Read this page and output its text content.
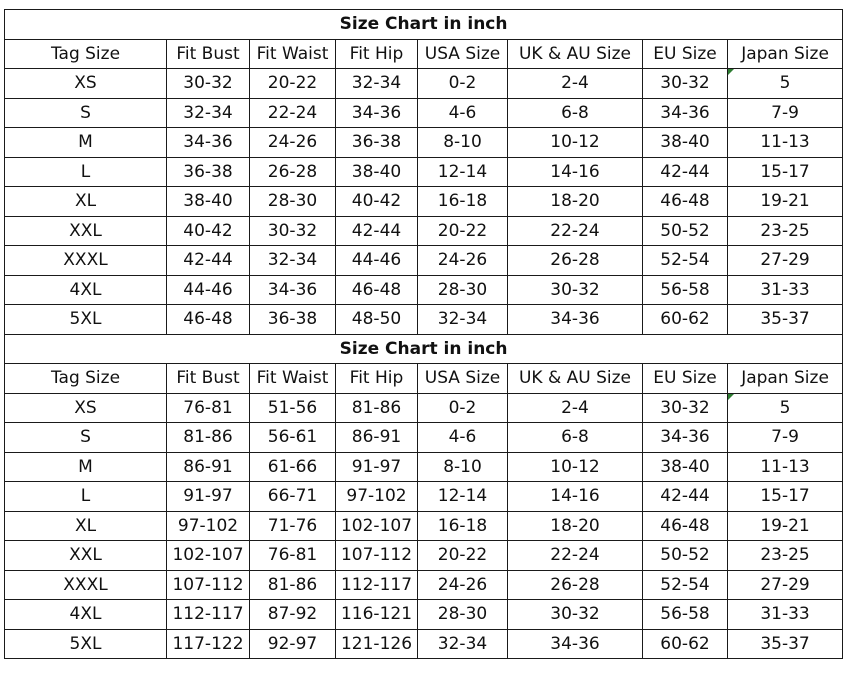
Size Chart in inch							
Tag Size	Fit Bust	Fit Waist	Fit Hip	USA Size	UK & AU Size	EU Size	Japan Size
XS	30-32	20-22	32-34	0-2	2-4	30-32	5
S	32-34	22-24	34-36	4-6	6-8	34-36	7-9
M	34-36	24-26	36-38	8-10	10-12	38-40	11-13
L	36-38	26-28	38-40	12-14	14-16	42-44	15-17
XL	38-40	28-30	40-42	16-18	18-20	46-48	19-21
XXL	40-42	30-32	42-44	20-22	22-24	50-52	23-25
XXXL	42-44	32-34	44-46	24-26	26-28	52-54	27-29
4XL	44-46	34-36	46-48	28-30	30-32	56-58	31-33
5XL	46-48	36-38	48-50	32-34	34-36	60-62	35-37
Size Chart in inch							
Tag Size	Fit Bust	Fit Waist	Fit Hip	USA Size	UK & AU Size	EU Size	Japan Size
XS	76-81	51-56	81-86	0-2	2-4	30-32	5
S	81-86	56-61	86-91	4-6	6-8	34-36	7-9
M	86-91	61-66	91-97	8-10	10-12	38-40	11-13
L	91-97	66-71	97-102	12-14	14-16	42-44	15-17
XL	97-102	71-76	102-107	16-18	18-20	46-48	19-21
XXL	102-107	76-81	107-112	20-22	22-24	50-52	23-25
XXXL	107-112	81-86	112-117	24-26	26-28	52-54	27-29
4XL	112-117	87-92	116-121	28-30	30-32	56-58	31-33
5XL	117-122	92-97	121-126	32-34	34-36	60-62	35-37
